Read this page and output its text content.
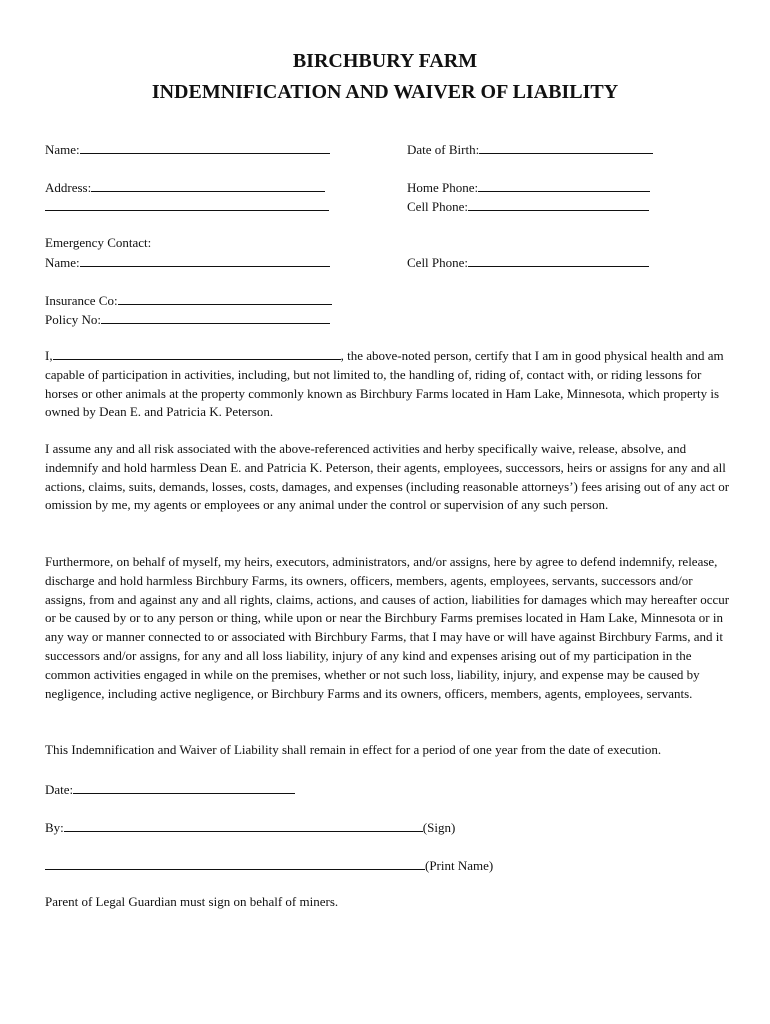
BIRCHBURY FARM
INDEMNIFICATION AND WAIVER OF LIABILITY
Name:	Date of Birth:
Address:	Home Phone:
Cell Phone:
Emergency Contact:
Name:	Cell Phone:
Insurance Co:
Policy No:
I,	, the above-noted person, certify that I am in good physical health and am capable of participation in activities, including, but not limited to, the handling of, riding of, contact with, or riding lessons for horses or other animals at the property commonly known as Birchbury Farms located in Ham Lake, Minnesota, which property is owned by Dean E. and Patricia K. Peterson.
I assume any and all risk associated with the above-referenced activities and herby specifically waive, release, absolve, and indemnify and hold harmless Dean E. and Patricia K. Peterson, their agents, employees, successors, heirs or assigns for any and all actions, claims, suits, demands, losses, costs, damages, and expenses (including reasonable attorneys’) fees arising out of any act or omission by me, my agents or employees or any animal under the control or supervision of any such person.
Furthermore, on behalf of myself, my heirs, executors, administrators, and/or assigns, here by agree to defend indemnify, release, discharge and hold harmless Birchbury Farms, its owners, officers, members, agents, employees, servants, successors and/or assigns, from and against any and all rights, claims, actions, and causes of action, liabilities for damages which may hereafter occur or be caused by or to any person or thing, while upon or near the Birchbury Farms premises located in Ham Lake, Minnesota or in any way or manner connected to or associated with Birchbury Farms, that I may have or will have against Birchbury Farms, and it successors and/or assigns, for any and all loss liability, injury of any kind and expenses arising out of my participation in the common activities engaged in while on the premises, whether or not such loss, liability, injury, and expense may be caused by negligence, including active negligence, or Birchbury Farms and its owners, officers, members, agents, employees, servants.
This Indemnification and Waiver of Liability shall remain in effect for a period of one year from the date of execution.
Date:
By:	(Sign)
(Print Name)
Parent of Legal Guardian must sign on behalf of miners.
